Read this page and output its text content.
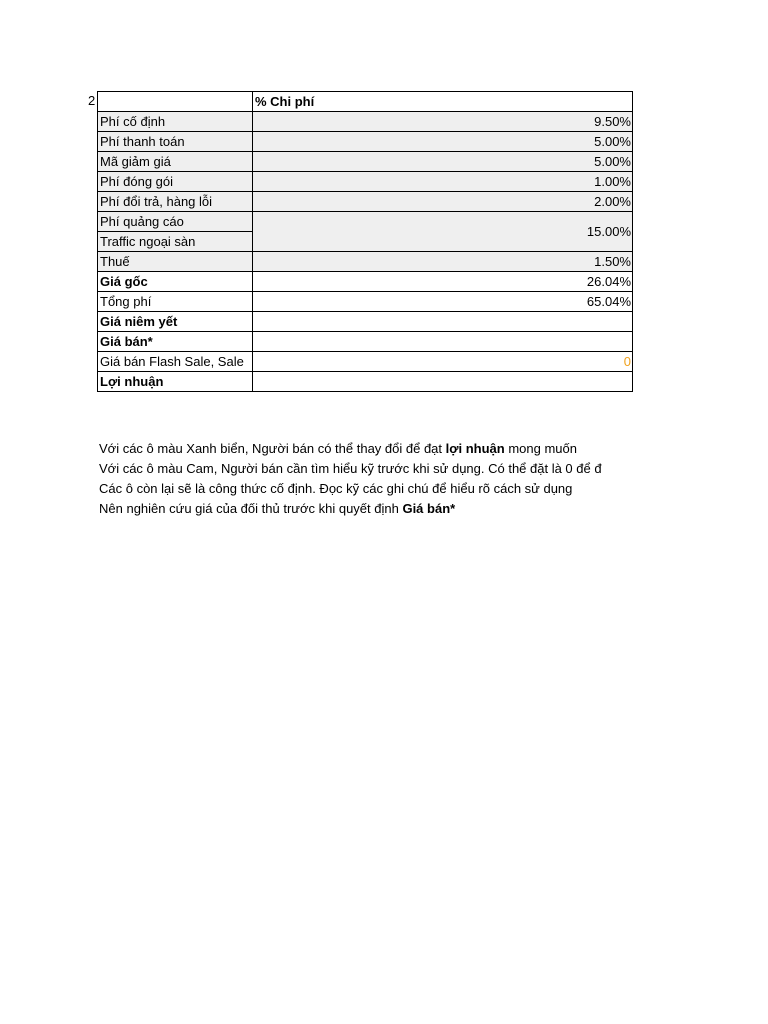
2
		% Chi phí
Phí cố định	9.50%
Phí thanh toán	5.00%
Mã giảm giá	5.00%
Phí đóng gói	1.00%
Phí đổi trả, hàng lỗi	2.00%
Phí quảng cáo	15.00%
Traffic ngoại sàn	
Thuế	1.50%
Giá gốc	26.04%
Tổng phí	65.04%
Giá niêm yết	
Giá bán*	
Giá bán Flash Sale, Sale	0
Lợi nhuận	

Với các ô màu Xanh biển, Người bán có thể thay đổi để đạt lợi nhuận mong muốn

Với các ô màu Cam, Người bán cần tìm hiểu kỹ trước khi sử dụng. Có thể đặt là 0 để đ

Các ô còn lại sẽ là công thức cố định. Đọc kỹ các ghi chú để hiểu rõ cách sử dụng

Nên nghiên cứu giá của đối thủ trước khi quyết định Giá bán*
